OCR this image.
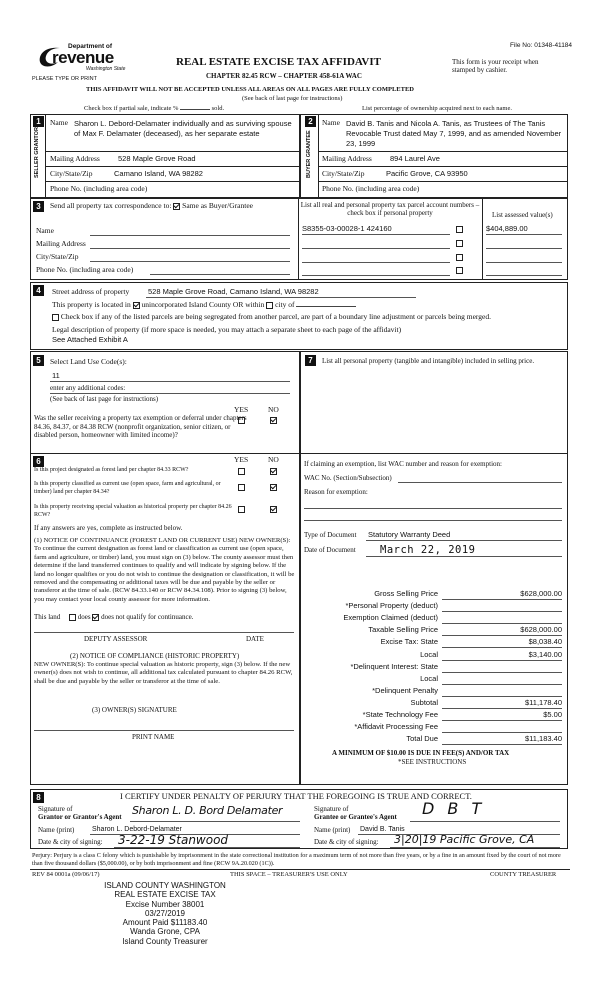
File No: 01348-41184
Department of
revenue
Washington State
PLEASE TYPE OR PRINT
REAL ESTATE EXCISE TAX AFFIDAVIT
CHAPTER 82.45 RCW – CHAPTER 458-61A WAC
This form is your receipt when stamped by cashier.
THIS AFFIDAVIT WILL NOT BE ACCEPTED UNLESS ALL AREAS ON ALL PAGES ARE FULLY COMPLETED
(See back of last page for instructions)
Check box if partial sale, indicate %	sold.	List percentage of ownership acquired next to each name.
1	2
SELLER GRANTOR	BUYER GRANTEE
Name Sharon L. Debord-Delamater individually and as surviving spouse of Max F. Delamater (deceased), as her separate estate
Mailing Address 528 Maple Grove Road
City/State/Zip	Camano Island, WA 98282
Phone No. (including area code)
Name David B. Tanis and Nicola A. Tanis, as Trustees of The Tanis Revocable Trust dated May 7, 1999, and as amended November 23, 1999
Mailing Address 894 Laurel Ave
City/State/Zip	Pacific Grove, CA 93950
Phone No. (including area code)
3	Send all property tax correspondence to: Same as Buyer/Grantee	List all real and personal property tax parcel account numbers – check box if personal property	List assessed value(s)
Name
Mailing Address
City/State/Zip
Phone No. (including area code)
S8355-03-00028-1 424160	$404,889.00
4	Street address of property 528 Maple Grove Road, Camano Island, WA 98282
This property is located in unincorporated Island County OR within city of
Check box if any of the listed parcels are being segregated from another parcel, are part of a boundary line adjustment or parcels being merged.
Legal description of property (if more space is needed, you may attach a separate sheet to each page of the affidavit)
See Attached Exhibit A
5	Select Land Use Code(s):
11
enter any additional codes:
(See back of last page for instructions)
YES	NO
Was the seller receiving a property tax exemption or deferral under chapters 84.36, 84.37, or 84.38 RCW (nonprofit organization, senior citizen, or disabled person, homeowner with limited income)?
6	YES	NO
Is this project designated as forest land per chapter 84.33 RCW?
Is this property classified as current use (open space, farm and agricultural, or timber) land per chapter 84.34?
Is this property receiving special valuation as historical property per chapter 84.26 RCW?
If any answers are yes, complete as instructed below.
(1) NOTICE OF CONTINUANCE (FOREST LAND OR CURRENT USE) NEW OWNER(S): To continue the current designation as forest land or classification as current use (open space, farm and agriculture, or timber) land, you must sign on (3) below. The county assessor must then determine if the land transferred continues to qualify and will indicate by signing below. If the land no longer qualifies or you do not wish to continue the designation or classification, it will be removed and the compensating or additional taxes will be due and payable by the seller or transferor at the time of sale. (RCW 84.33.140 or RCW 84.34.108). Prior to signing (3) below, you may contact your local county assessor for more information.
This land	does does not qualify for continuance.
DEPUTY ASSESSOR	DATE
(2) NOTICE OF COMPLIANCE (HISTORIC PROPERTY)
NEW OWNER(S): To continue special valuation as historic property, sign (3) below. If the new owner(s) does not wish to continue, all additional tax calculated pursuant to chapter 84.26 RCW, shall be due and payable by the seller or transferor at the time of sale.
(3) OWNER(S) SIGNATURE
PRINT NAME
7	List all personal property (tangible and intangible) included in selling price.
If claiming an exemption, list WAC number and reason for exemption:
WAC No. (Section/Subsection)
Reason for exemption:
Type of Document Statutory Warranty Deed
Date of Document March 22, 2019
Gross Selling Price	$628,000.00
*Personal Property (deduct)
Exemption Claimed (deduct)
Taxable Selling Price	$628,000.00
Excise Tax: State	$8,038.40
Local	$3,140.00
*Delinquent Interest: State
Local
*Delinquent Penalty
Subtotal	$11,178.40
*State Technology Fee	$5.00
*Affidavit Processing Fee
Total Due	$11,183.40
A MINIMUM OF $10.00 IS DUE IN FEE(S) AND/OR TAX
*SEE INSTRUCTIONS
8	I CERTIFY UNDER PENALTY OF PERJURY THAT THE FOREGOING IS TRUE AND CORRECT.
Signature of
Grantor or Grantor's Agent Sharon L. D. Bord Delamater
Name (print)	Sharon L. Debord-Delamater
Date & city of signing: 3-22-19 Stanwood
Signature of
Grantee or Grantee's Agent D B T
Name (print) David B. Tanis
Date & city of signing: 3|20|19 Pacific Grove, CA
Perjury: Perjury is a class C felony which is punishable by imprisonment in the state correctional institution for a maximum term of not more than five years, or by a fine in an amount fixed by the court of not more than five thousand dollars ($5,000.00), or by both imprisonment and fine (RCW 9A.20.020 (1C)).
REV 84 0001a (09/06/17)	THIS SPACE – TREASURER'S USE ONLY	COUNTY TREASURER
ISLAND COUNTY WASHINGTON
REAL ESTATE EXCISE TAX
Excise Number 38001
03/27/2019
Amount Paid $11183.40
Wanda Grone, CPA
Island County Treasurer
